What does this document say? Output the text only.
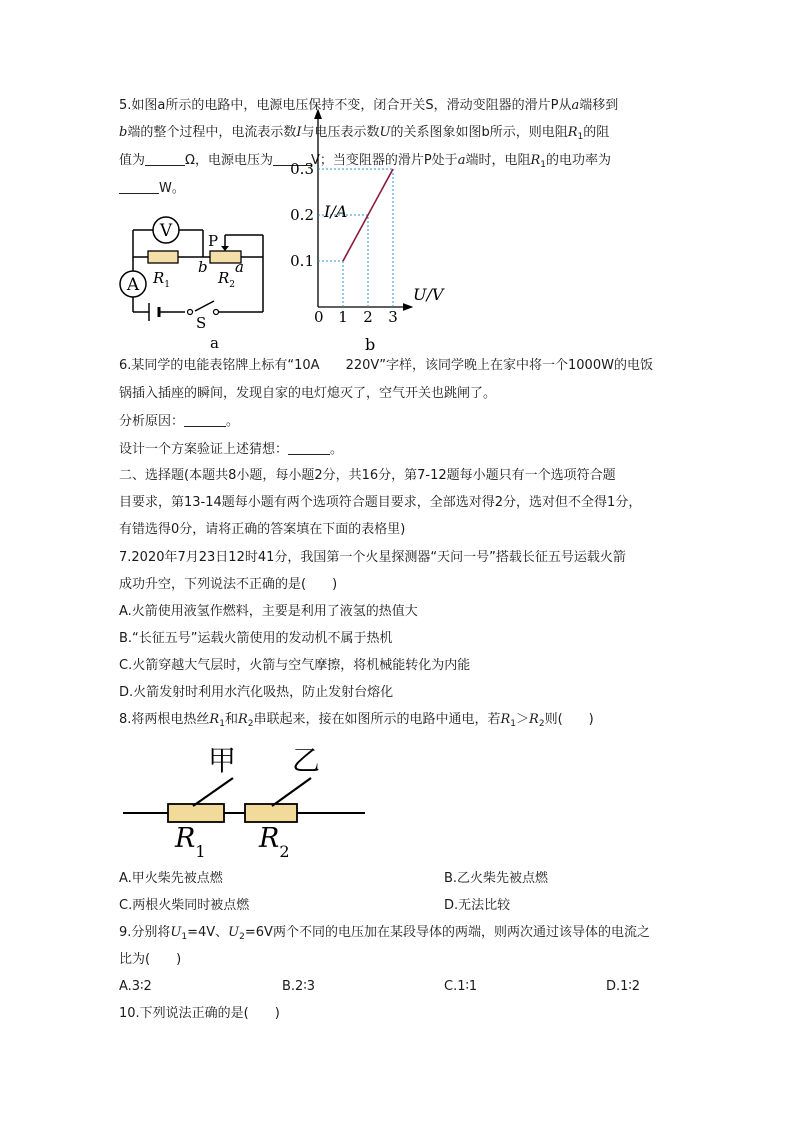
5.如图a所示的电路中，电源电压保持不变，闭合开关S，滑动变阻器的滑片P从a端移到
b端的整个过程中，电流表示数I与电压表示数U的关系图象如图b所示，则电阻$R_1$的阻
值为	Ω，电源电压为	V；当变阻器的滑片P处于a端时，电阻$R_1$的电功率为
W。
V
A $R_1$	$R_2$
P
b a
S
a
1 2 3
0.1
0.2
0.3
I/A
U/V
0
b
6.某同学的电能表铭牌上标有“10A　　220V”字样，该同学晚上在家中将一个1000W的电饭
锅插入插座的瞬间，发现自家的电灯熄灭了，空气开关也跳闸了。
分析原因：	。
设计一个方案验证上述猜想：	。
二、选择题(本题共8小题，每小题2分，共16分，第7-12题每小题只有一个选项符合题
目要求，第13-14题每小题有两个选项符合题目要求，全部选对得2分，选对但不全得1分，
有错选得0分，请将正确的答案填在下面的表格里)
7.2020年7月23日12时41分，我国第一个火星探测器“天问一号”搭载长征五号运载火箭
成功升空，下列说法不正确的是(　　)
A.火箭使用液氢作燃料，主要是利用了液氢的热值大
B.“长征五号”运载火箭使用的发动机不属于热机
C.火箭穿越大气层时，火箭与空气摩擦，将机械能转化为内能
D.火箭发射时利用水汽化吸热，防止发射台熔化
8.将两根电热丝$R_1$和$R_2$串联起来，接在如图所示的电路中通电，若$R_1>R_2$则(　　)
甲 乙
$R_1$ $R_2$
A.甲火柴先被点燃	B.乙火柴先被点燃
C.两根火柴同时被点燃	D.无法比较
9.分别将$U_1=4V$、$U_2=6V$两个不同的电压加在某段导体的两端，则两次通过该导体的电流之
比为(　　)
A.3∶2	B.2∶3	C.1∶1	D.1∶2
10.下列说法正确的是(　　)
